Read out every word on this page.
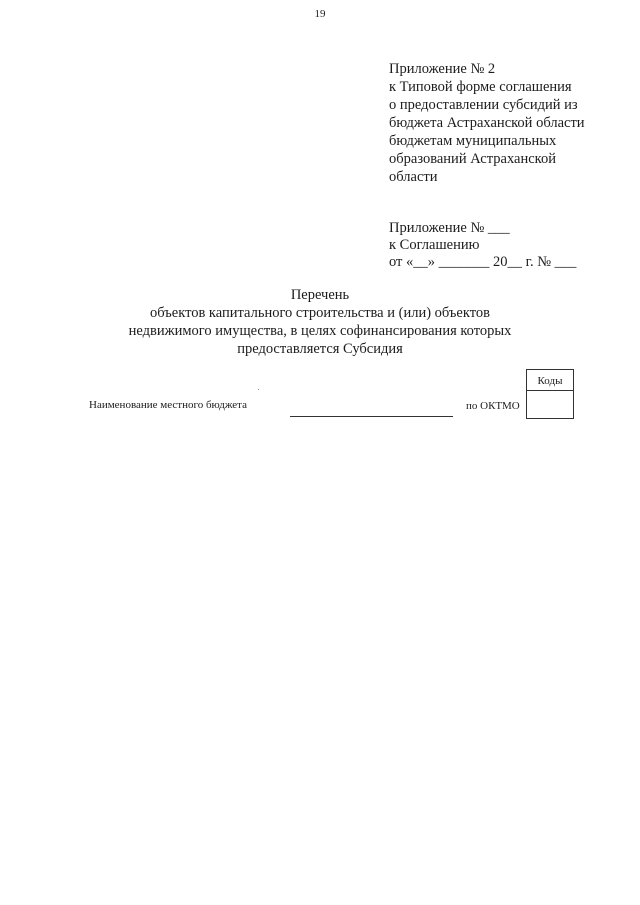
19
Приложение № 2
к Типовой форме соглашения
о предоставлении субсидий из
бюджета Астраханской области
бюджетам муниципальных
образований Астраханской
области
Приложение № ___
к Соглашению
от «__» _______ 20__ г. № ___
Перечень
объектов капитального строительства и (или) объектов
недвижимого имущества, в целях софинансирования которых
предоставляется Субсидия
Коды
Наименование местного бюджета	по ОКТМО
